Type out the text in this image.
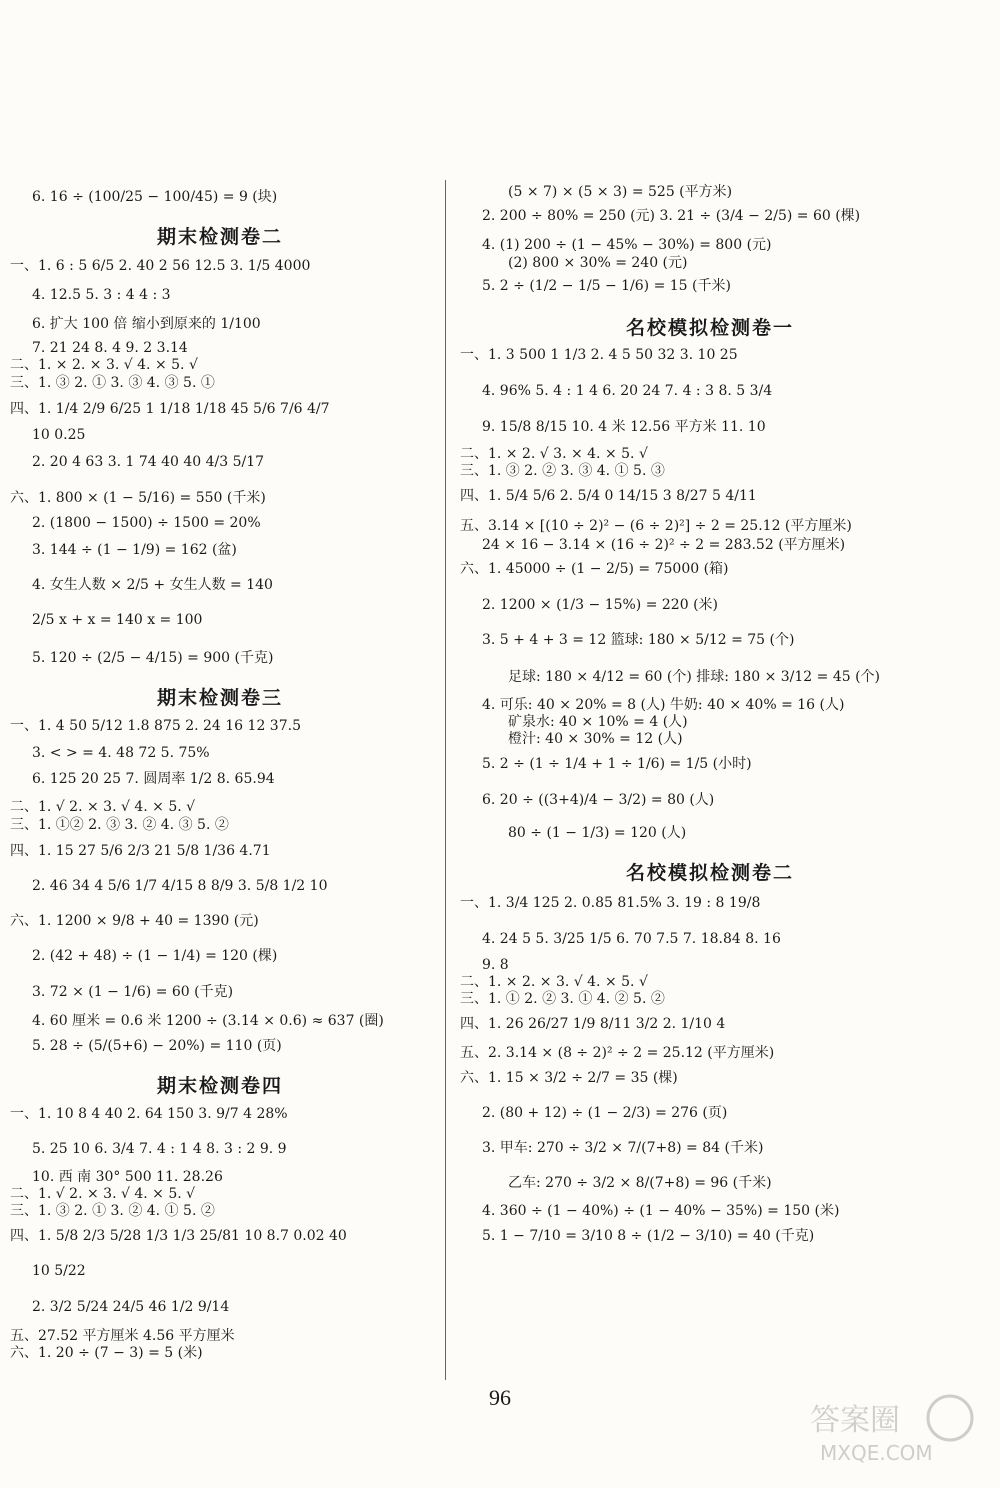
6. 16 ÷ (100/25 − 100/45) = 9 (块)
期末检测卷二
一、1. 6 : 5 6/5 2. 40 2 56 12.5 3. 1/5 4000
4. 12.5 5. 3 : 4 4 : 3
6. 扩大 100 倍 缩小到原来的 1/100
7. 21 24 8. 4 9. 2 3.14
二、1. × 2. × 3. √ 4. × 5. √
三、1. ③ 2. ① 3. ③ 4. ③ 5. ①
四、1. 1/4 2/9 6/25 1 1/18 1/18 45 5/6 7/6 4/7
10 0.25
2. 20 4 63 3. 1 74 40 40 4/3 5/17
六、1. 800 × (1 − 5/16) = 550 (千米)
2. (1800 − 1500) ÷ 1500 = 20%
3. 144 ÷ (1 − 1/9) = 162 (盆)
4. 女生人数 × 2/5 + 女生人数 = 140
2/5 x + x = 140 x = 100
5. 120 ÷ (2/5 − 4/15) = 900 (千克)
期末检测卷三
一、1. 4 50 5/12 1.8 875 2. 24 16 12 37.5
3. < > = 4. 48 72 5. 75%
6. 125 20 25 7. 圆周率 1/2 8. 65.94
二、1. √ 2. × 3. √ 4. × 5. √
三、1. ①② 2. ③ 3. ② 4. ③ 5. ②
四、1. 15 27 5/6 2/3 21 5/8 1/36 4.71
2. 46 34 4 5/6 1/7 4/15 8 8/9 3. 5/8 1/2 10
六、1. 1200 × 9/8 + 40 = 1390 (元)
2. (42 + 48) ÷ (1 − 1/4) = 120 (棵)
3. 72 × (1 − 1/6) = 60 (千克)
4. 60 厘米 = 0.6 米 1200 ÷ (3.14 × 0.6) ≈ 637 (圈)
5. 28 ÷ (5/(5+6) − 20%) = 110 (页)
期末检测卷四
一、1. 10 8 4 40 2. 64 150 3. 9/7 4 28%
5. 25 10 6. 3/4 7. 4 : 1 4 8. 3 : 2 9. 9
10. 西 南 30° 500 11. 28.26
二、1. √ 2. × 3. √ 4. × 5. √
三、1. ③ 2. ① 3. ② 4. ① 5. ②
四、1. 5/8 2/3 5/28 1/3 1/3 25/81 10 8.7 0.02 40
10 5/22
2. 3/2 5/24 24/5 46 1/2 9/14
五、27.52 平方厘米 4.56 平方厘米
六、1. 20 ÷ (7 − 3) = 5 (米)
(5 × 7) × (5 × 3) = 525 (平方米)
2. 200 ÷ 80% = 250 (元) 3. 21 ÷ (3/4 − 2/5) = 60 (棵)
4. (1) 200 ÷ (1 − 45% − 30%) = 800 (元)
(2) 800 × 30% = 240 (元)
5. 2 ÷ (1/2 − 1/5 − 1/6) = 15 (千米)
名校模拟检测卷一
一、1. 3 500 1 1/3 2. 4 5 50 32 3. 10 25
4. 96% 5. 4 : 1 4 6. 20 24 7. 4 : 3 8. 5 3/4
9. 15/8 8/15 10. 4 米 12.56 平方米 11. 10
二、1. × 2. √ 3. × 4. × 5. √
三、1. ③ 2. ② 3. ③ 4. ① 5. ③
四、1. 5/4 5/6 2. 5/4 0 14/15 3 8/27 5 4/11
五、3.14 × [(10 ÷ 2)² − (6 ÷ 2)²] ÷ 2 = 25.12 (平方厘米)
24 × 16 − 3.14 × (16 ÷ 2)² ÷ 2 = 283.52 (平方厘米)
六、1. 45000 ÷ (1 − 2/5) = 75000 (箱)
2. 1200 × (1/3 − 15%) = 220 (米)
3. 5 + 4 + 3 = 12 篮球: 180 × 5/12 = 75 (个)
足球: 180 × 4/12 = 60 (个) 排球: 180 × 3/12 = 45 (个)
4. 可乐: 40 × 20% = 8 (人) 牛奶: 40 × 40% = 16 (人)
矿泉水: 40 × 10% = 4 (人)
橙汁: 40 × 30% = 12 (人)
5. 2 ÷ (1 ÷ 1/4 + 1 ÷ 1/6) = 1/5 (小时)
6. 20 ÷ ((3+4)/4 − 3/2) = 80 (人)
80 ÷ (1 − 1/3) = 120 (人)
名校模拟检测卷二
一、1. 3/4 125 2. 0.85 81.5% 3. 19 : 8 19/8
4. 24 5 5. 3/25 1/5 6. 70 7.5 7. 18.84 8. 16
9. 8
二、1. × 2. × 3. √ 4. × 5. √
三、1. ① 2. ② 3. ① 4. ② 5. ②
四、1. 26 26/27 1/9 8/11 3/2 2. 1/10 4
五、2. 3.14 × (8 ÷ 2)² ÷ 2 = 25.12 (平方厘米)
六、1. 15 × 3/2 ÷ 2/7 = 35 (棵)
2. (80 + 12) ÷ (1 − 2/3) = 276 (页)
3. 甲车: 270 ÷ 3/2 × 7/(7+8) = 84 (千米)
乙车: 270 ÷ 3/2 × 8/(7+8) = 96 (千米)
4. 360 ÷ (1 − 40%) ÷ (1 − 40% − 35%) = 150 (米)
5. 1 − 7/10 = 3/10 8 ÷ (1/2 − 3/10) = 40 (千克)
96
答案圈
MXQE.COM
